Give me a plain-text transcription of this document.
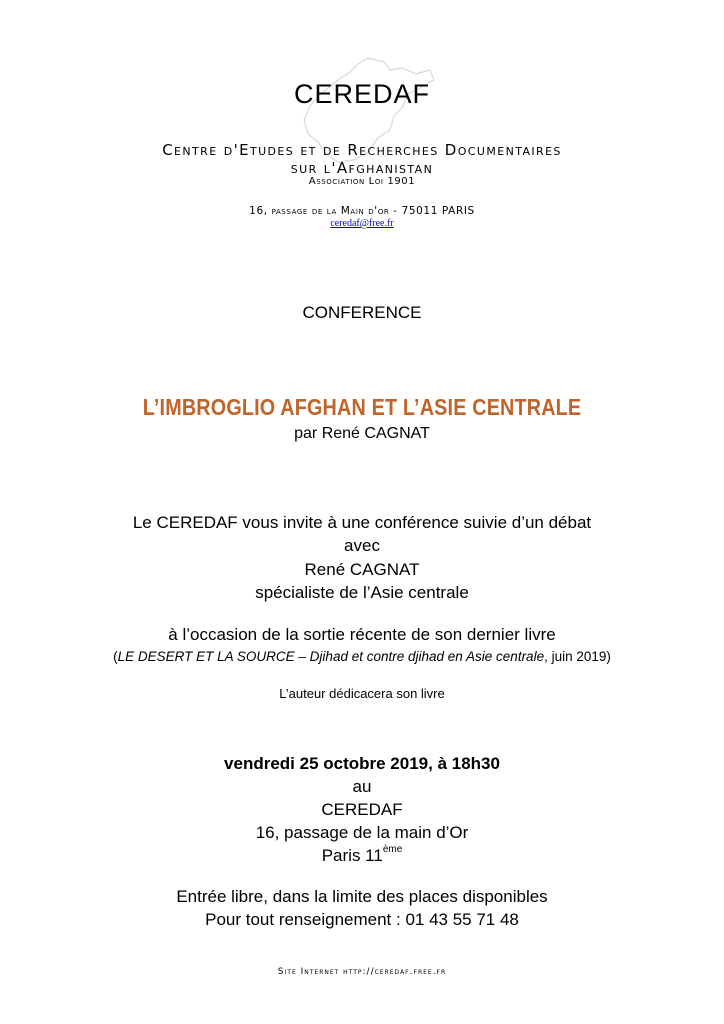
CEREDAF
Centre d'Etudes et de Recherches Documentaires
sur l'Afghanistan
Association Loi 1901
16, passage de la Main d'or - 75011 PARIS
ceredaf@free.fr
CONFERENCE
L’IMBROGLIO AFGHAN ET L’ASIE CENTRALE
par René CAGNAT
Le CEREDAF vous invite à une conférence suivie d’un débat
avec
René CAGNAT
spécialiste de l’Asie centrale
à l’occasion de la sortie récente de son dernier livre
(LE DESERT ET LA SOURCE – Djihad et contre djihad en Asie centrale, juin 2019)
L’auteur dédicacera son livre
vendredi 25 octobre 2019, à 18h30
au
CEREDAF
16, passage de la main d’Or
Paris 11ème
Entrée libre, dans la limite des places disponibles
Pour tout renseignement : 01 43 55 71 48
Site Internet http://ceredaf.free.fr
